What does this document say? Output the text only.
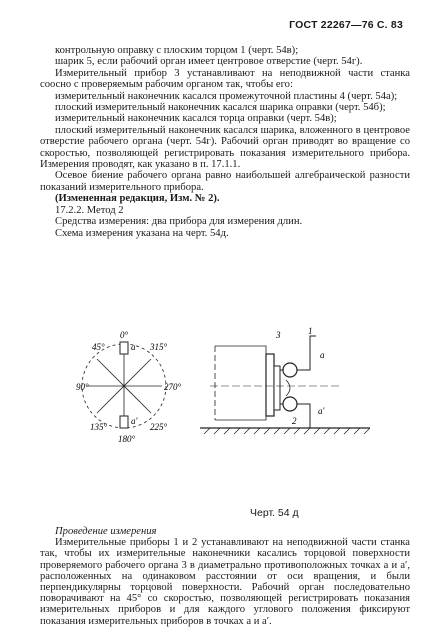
ГОСТ 22267—76 С. 83

контрольную оправку с плоским торцом 1 (черт. 54в);

шарик 5, если рабочий орган имеет центровое отверстие (черт. 54г).

Измерительный прибор 3 устанавливают на неподвижной части станка соосно с проверяемым рабочим органом так, чтобы его:

измерительный наконечник касался промежуточной пластины 4 (черт. 54а);

плоский измерительный наконечник касался шарика оправки (черт. 54б);

измерительный наконечник касался торца оправки (черт. 54в);

плоский измерительный наконечник касался шарика, вложенного в центровое отверстие рабочего органа (черт. 54г). Рабочий орган приводят во вращение со скоростью, позволяющей регистрировать показания измерительного прибора. Измерения проводят, как указано в п. 17.1.1.

Осевое биение рабочего органа равно наибольшей алгебраической разности показаний измерительного прибора.

(Измененная редакция, Изм. № 2).

17.2.2. Метод 2

Средства измерения: два прибора для измерения длин.

Схема измерения указана на черт. 54д.

0°
45°
90°
135°
180°
225°
270°
315°
a
a′
3	1
2
a
a′
Черт. 54 д

Проведение измерения

Измерительные приборы 1 и 2 устанавливают на неподвижной части станка так, чтобы их измерительные наконечники касались торцовой поверхности проверяемого рабочего органа 3 в диаметрально противоположных точках a и a′, расположенных на одинаковом расстоянии от оси вращения, и были перпендикулярны торцовой поверхности. Рабочий орган последовательно поворачивают на 45° со скоростью, позволяющей регистрировать показания измерительных приборов и для каждого углового положения фиксируют показания измерительных приборов в точках a и a′.
